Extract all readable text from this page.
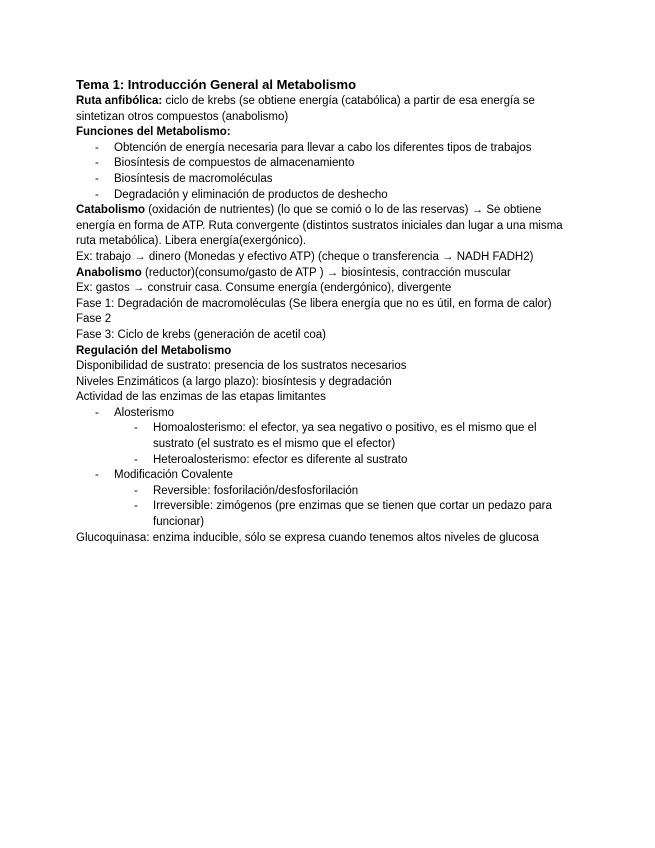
Tema 1: Introducción General al Metabolismo
Ruta anfibólica: ciclo de krebs (se obtiene energía (catabólica) a partir de esa energía se sintetizan otros compuestos (anabolismo)
Funciones del Metabolismo:
- Obtención de energía necesaria para llevar a cabo los diferentes tipos de trabajos
- Biosíntesis de compuestos de almacenamiento
- Biosíntesis de macromoléculas
- Degradación y eliminación de productos de deshecho
Catabolismo (oxidación de nutrientes) (lo que se comió o lo de las reservas) → Se obtiene energía en forma de ATP. Ruta convergente (distintos sustratos iniciales dan lugar a una misma ruta metabólica). Libera energía(exergónico).
Ex: trabajo → dinero (Monedas y efectivo ATP) (cheque o transferencia → NADH FADH2)
Anabolismo (reductor)(consumo/gasto de ATP ) → biosíntesis, contracción muscular
Ex: gastos → construir casa. Consume energía (endergónico), divergente
Fase 1: Degradación de macromoléculas (Se libera energía que no es útil, en forma de calor)
Fase 2
Fase 3: Ciclo de krebs (generación de acetil coa)
Regulación del Metabolismo
Disponibilidad de sustrato: presencia de los sustratos necesarios
Niveles Enzimáticos (a largo plazo): biosíntesis y degradación
Actividad de las enzimas de las etapas limitantes
- Alosterismo
- Homoalosterismo: el efector, ya sea negativo o positivo, es el mismo que el sustrato (el sustrato es el mismo que el efector)
- Heteroalosterismo: efector es diferente al sustrato
- Modificación Covalente
- Reversible: fosforilación/desfosforilación
- Irreversible: zimógenos (pre enzimas que se tienen que cortar un pedazo para funcionar)
Glucoquinasa: enzima inducible, sólo se expresa cuando tenemos altos niveles de glucosa
